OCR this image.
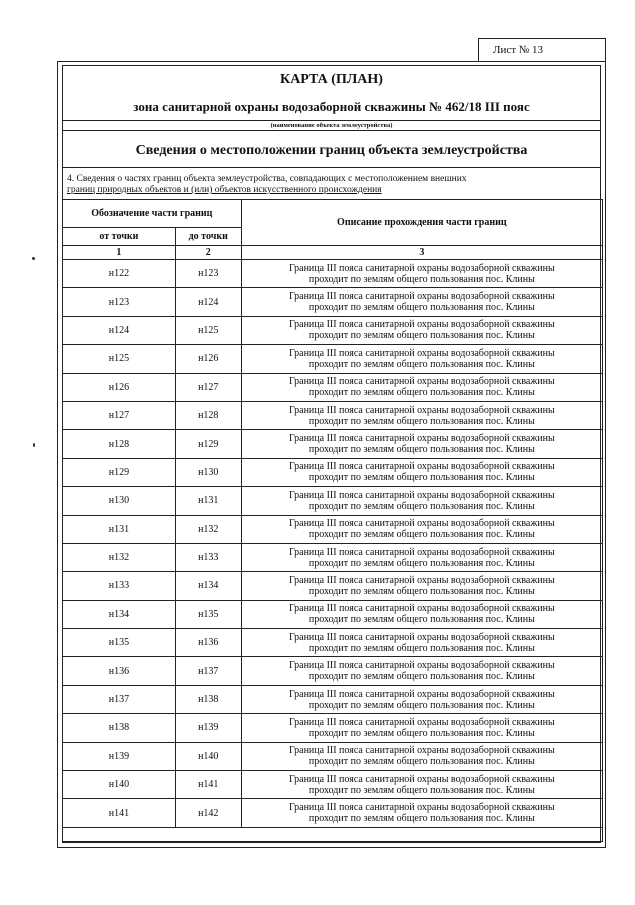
Лист № 13
КАРТА (ПЛАН)
зона санитарной охраны водозаборной скважины № 462/18 III пояс
(наименование объекта землеустройства)
Сведения о местоположении границ объекта землеустройства
4. Сведения о частях границ объекта землеустройства, совпадающих с местоположением внешних
границ природных объектов и (или) объектов искусственного происхождения
Обозначение части границ		Описание прохождения части границ
от точки	до точки	
1	2	3
н122	н123	Граница III пояса санитарной охраны водозаборной скважины
проходит по землям общего пользования пос. Клины

н123	н124	Граница III пояса санитарной охраны водозаборной скважины
проходит по землям общего пользования пос. Клины

н124	н125	Граница III пояса санитарной охраны водозаборной скважины
проходит по землям общего пользования пос. Клины

н125	н126	Граница III пояса санитарной охраны водозаборной скважины
проходит по землям общего пользования пос. Клины

н126	н127	Граница III пояса санитарной охраны водозаборной скважины
проходит по землям общего пользования пос. Клины

н127	н128	Граница III пояса санитарной охраны водозаборной скважины
проходит по землям общего пользования пос. Клины

н128	н129	Граница III пояса санитарной охраны водозаборной скважины
проходит по землям общего пользования пос. Клины

н129	н130	Граница III пояса санитарной охраны водозаборной скважины
проходит по землям общего пользования пос. Клины

н130	н131	Граница III пояса санитарной охраны водозаборной скважины
проходит по землям общего пользования пос. Клины

н131	н132	Граница III пояса санитарной охраны водозаборной скважины
проходит по землям общего пользования пос. Клины

н132	н133	Граница III пояса санитарной охраны водозаборной скважины
проходит по землям общего пользования пос. Клины

н133	н134	Граница III пояса санитарной охраны водозаборной скважины
проходит по землям общего пользования пос. Клины

н134	н135	Граница III пояса санитарной охраны водозаборной скважины
проходит по землям общего пользования пос. Клины

н135	н136	Граница III пояса санитарной охраны водозаборной скважины
проходит по землям общего пользования пос. Клины

н136	н137	Граница III пояса санитарной охраны водозаборной скважины
проходит по землям общего пользования пос. Клины

н137	н138	Граница III пояса санитарной охраны водозаборной скважины
проходит по землям общего пользования пос. Клины

н138	н139	Граница III пояса санитарной охраны водозаборной скважины
проходит по землям общего пользования пос. Клины

н139	н140	Граница III пояса санитарной охраны водозаборной скважины
проходит по землям общего пользования пос. Клины

н140	н141	Граница III пояса санитарной охраны водозаборной скважины
проходит по землям общего пользования пос. Клины

н141	н142	Граница III пояса санитарной охраны водозаборной скважины
проходит по землям общего пользования пос. Клины
